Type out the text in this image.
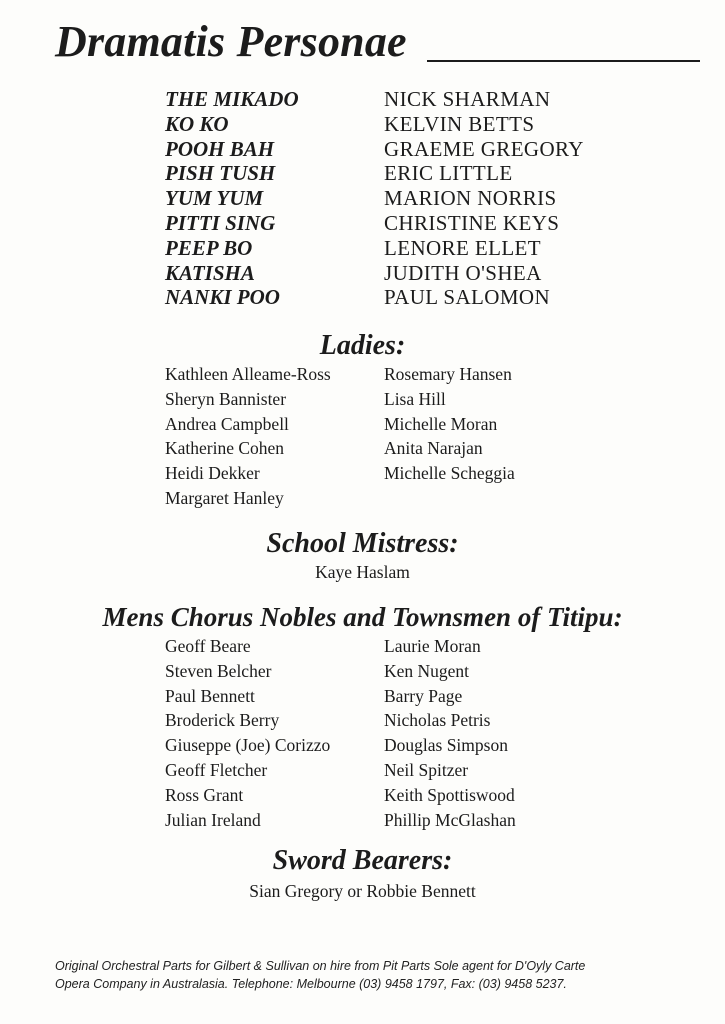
Dramatis Personae
THE MIKADO	NICK SHARMAN
KO KO	KELVIN BETTS
POOH BAH	GRAEME GREGORY
PISH TUSH	ERIC LITTLE
YUM YUM	MARION NORRIS
PITTI SING	CHRISTINE KEYS
PEEP BO	LENORE ELLET
KATISHA	JUDITH O'SHEA
NANKI POO	PAUL SALOMON
Ladies:
Kathleen Alleame-Ross	Rosemary Hansen
Sheryn Bannister	Lisa Hill
Andrea Campbell	Michelle Moran
Katherine Cohen	Anita Narajan
Heidi Dekker	Michelle Scheggia
Margaret Hanley
School Mistress:
Kaye Haslam
Mens Chorus Nobles and Townsmen of Titipu:
Geoff Beare	Laurie Moran
Steven Belcher	Ken Nugent
Paul Bennett	Barry Page
Broderick Berry	Nicholas Petris
Giuseppe (Joe) Corizzo	Douglas Simpson
Geoff Fletcher	Neil Spitzer
Ross Grant	Keith Spottiswood
Julian Ireland	Phillip McGlashan
Sword Bearers:
Sian Gregory or Robbie Bennett
Original Orchestral Parts for Gilbert & Sullivan on hire from Pit Parts Sole agent for D'Oyly Carte
Opera Company in Australasia. Telephone: Melbourne (03) 9458 1797, Fax: (03) 9458 5237.
